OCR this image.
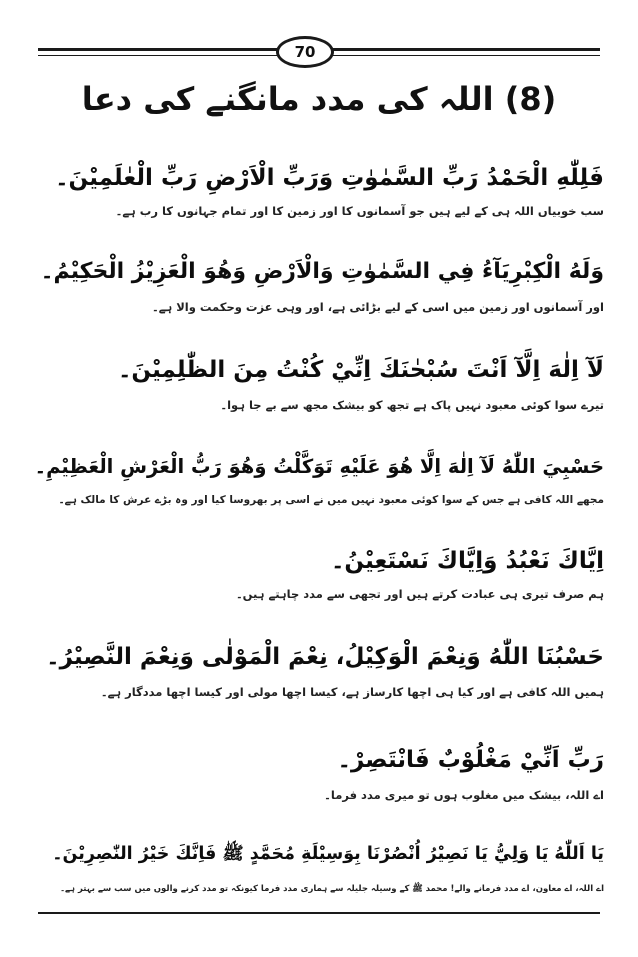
70
(8) اللہ کی مدد مانگنے کی دعا
فَلِلّٰهِ الْحَمْدُ رَبِّ السَّمٰوٰتِ وَرَبِّ الْاَرْضِ رَبِّ الْعٰلَمِيْنَ۔
سب خوبیاں اللہ ہی کے لیے ہیں جو آسمانوں کا اور زمین کا اور تمام جہانوں کا رب ہے۔
وَلَهُ الْكِبْرِيَآءُ فِي السَّمٰوٰتِ وَالْاَرْضِ وَهُوَ الْعَزِيْزُ الْحَكِيْمُ۔
اور آسمانوں اور زمین میں اسی کے لیے بڑائی ہے، اور وہی عزت وحکمت والا ہے۔
لَآ اِلٰهَ اِلَّآ اَنْتَ سُبْحٰنَكَ اِنِّيْ كُنْتُ مِنَ الظّٰلِمِيْنَ۔
تیرے سوا کوئی معبود نہیں پاک ہے تجھ کو بیشک مجھ سے بے جا ہوا۔
حَسْبِيَ اللّٰهُ لَآ اِلٰهَ اِلَّا هُوَ عَلَيْهِ تَوَكَّلْتُ وَهُوَ رَبُّ الْعَرْشِ الْعَظِيْمِ۔
مجھے اللہ کافی ہے جس کے سوا کوئی معبود نہیں میں نے اسی پر بھروسا کیا اور وہ بڑے عرش کا مالک ہے۔
اِيَّاكَ نَعْبُدُ وَاِيَّاكَ نَسْتَعِيْنُ۔
ہم صرف تیری ہی عبادت کرتے ہیں اور تجھی سے مدد چاہتے ہیں۔
حَسْبُنَا اللّٰهُ وَنِعْمَ الْوَكِيْلُ، نِعْمَ الْمَوْلٰى وَنِعْمَ النَّصِيْرُ۔
ہمیں اللہ کافی ہے اور کیا ہی اچھا کارساز ہے، کیسا اچھا مولی اور کیسا اچھا مددگار ہے۔
رَبِّ اَنِّيْ مَغْلُوْبٌ فَانْتَصِرْ۔
اے اللہ، بیشک میں مغلوب ہوں تو میری مدد فرما۔
يَا اَللّٰهُ يَا وَلِيُّ يَا نَصِيْرُ اُنْصُرْنَا بِوَسِيْلَةِ مُحَمَّدٍ ﷺ فَاِنَّكَ خَيْرُ النّٰصِرِيْنَ۔
اے اللہ، اے معاون، اے مدد فرمانے والے! محمد ﷺ کے وسیلہ جلیلہ سے ہماری مدد فرما کیونکہ تو مدد کرنے والوں میں سب سے بہتر ہے۔
